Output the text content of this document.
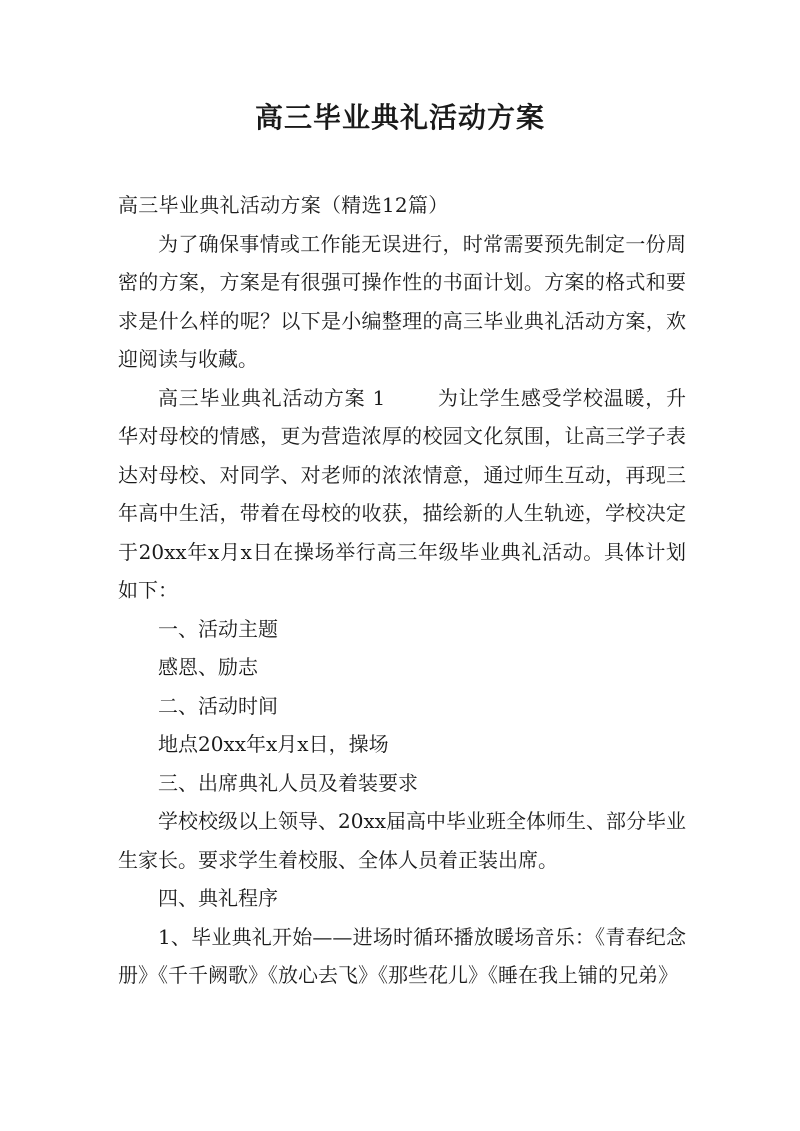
高三毕业典礼活动方案

高三毕业典礼活动方案（精选12篇）

为了确保事情或工作能无误进行，时常需要预先制定一份周密的方案，方案是有很强可操作性的书面计划。方案的格式和要求是什么样的呢？以下是小编整理的高三毕业典礼活动方案，欢迎阅读与收藏。

高三毕业典礼活动方案 1	为让学生感受学校温暖，升华对母校的情感，更为营造浓厚的校园文化氛围，让高三学子表达对母校、对同学、对老师的浓浓情意，通过师生互动，再现三年高中生活，带着在母校的收获，描绘新的人生轨迹，学校决定于20xx年x月x日在操场举行高三年级毕业典礼活动。具体计划如下：

一、活动主题

感恩、励志

二、活动时间

地点20xx年x月x日，操场

三、出席典礼人员及着装要求

学校校级以上领导、20xx届高中毕业班全体师生、部分毕业生家长。要求学生着校服、全体人员着正装出席。

四、典礼程序

1、毕业典礼开始——进场时循环播放暖场音乐：《青春纪念册》《千千阙歌》《放心去飞》《那些花儿》《睡在我上铺的兄弟》
